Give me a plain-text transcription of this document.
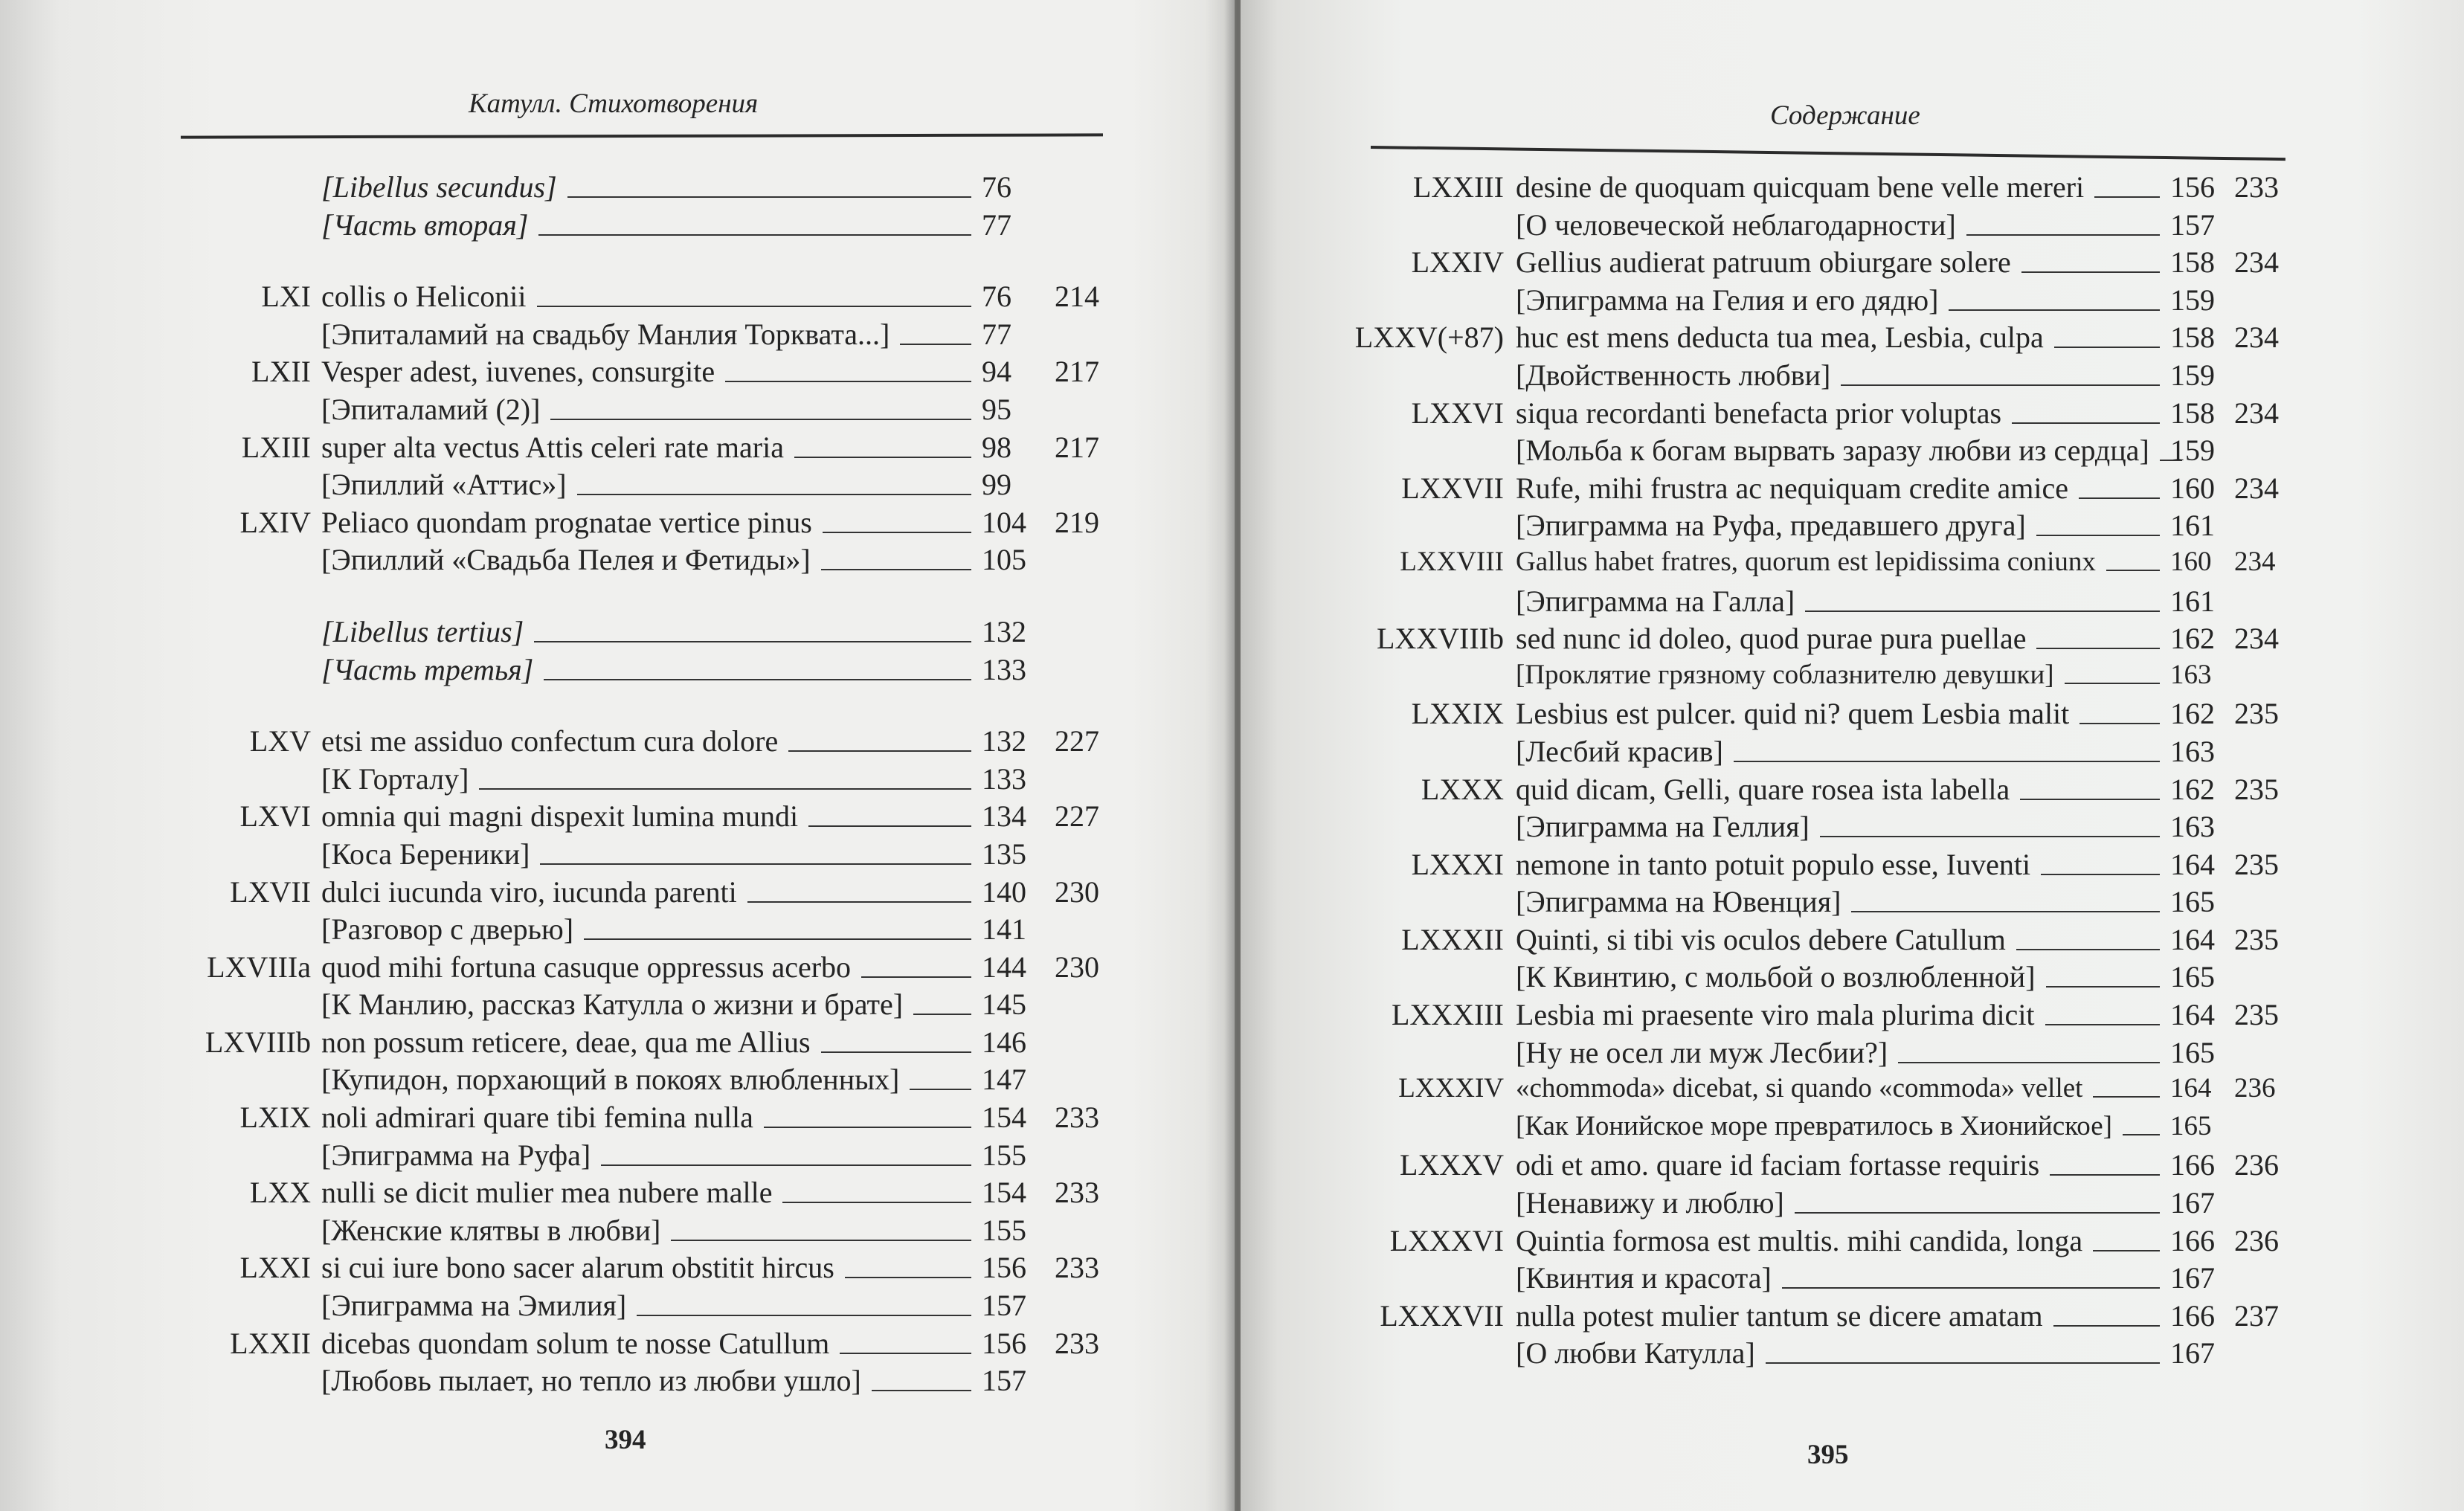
Катулл. Стихотворения
[Libellus secundus]	76
[Часть вторая]	77
LXI collis o Heliconii	76 214
[Эпиталамий на свадьбу Манлия Торквата...]	77
LXII Vesper adest, iuvenes, consurgite	94 217
[Эпиталамий (2)]	95
LXIII super alta vectus Attis celeri rate maria	98 217
[Эпиллий «Аттис»]	99
LXIV Peliaco quondam prognatae vertice pinus	104 219
[Эпиллий «Свадьба Пелея и Фетиды»]	105
[Libellus tertius]	132
[Часть третья]	133
LXV etsi me assiduo confectum cura dolore	132 227
[К Горталу]	133
LXVI omnia qui magni dispexit lumina mundi	134 227
[Коса Береники]	135
LXVII dulci iucunda viro, iucunda parenti	140 230
[Разговор с дверью]	141
LXVIIIa quod mihi fortuna casuque oppressus acerbo	144 230
[К Манлию, рассказ Катулла о жизни и брате]	145
LXVIIIb non possum reticere, deae, qua me Allius	146
[Купидон, порхающий в покоях влюбленных]	147
LXIX noli admirari quare tibi femina nulla	154 233
[Эпиграмма на Руфа]	155
LXX nulli se dicit mulier mea nubere malle	154 233
[Женские клятвы в любви]	155
LXXI si cui iure bono sacer alarum obstitit hircus	156 233
[Эпиграмма на Эмилия]	157
LXXII dicebas quondam solum te nosse Catullum	156 233
[Любовь пылает, но тепло из любви ушло]	157
394
Содержание
LXXIII desine de quoquam quicquam bene velle mereri	156 233
[О человеческой неблагодарности]	157
LXXIV Gellius audierat patruum obiurgare solere	158 234
[Эпиграмма на Гелия и его дядю]	159
LXXV(+87) huc est mens deducta tua mea, Lesbia, culpa	158 234
[Двойственность любви]	159
LXXVI siqua recordanti benefacta prior voluptas	158 234
[Мольба к богам вырвать заразу любви из сердца] 159
LXXVII Rufe, mihi frustra ac nequiquam credite amice	160 234
[Эпиграмма на Руфа, предавшего друга]	161
LXXVIII Gallus habet fratres, quorum est lepidissima coniunx	160 234
[Эпиграмма на Галла]	161
LXXVIIIb sed nunc id doleo, quod purae pura puellae	162 234
[Проклятие грязному соблазнителю девушки]	163
LXXIX Lesbius est pulcer. quid ni? quem Lesbia malit	162 235
[Лесбий красив]	163
LXXX quid dicam, Gelli, quare rosea ista labella	162 235
[Эпиграмма на Геллия]	163
LXXXI nemone in tanto potuit populo esse, Iuventi	164 235
[Эпиграмма на Ювенция]	165
LXXXII Quinti, si tibi vis oculos debere Catullum	164 235
[К Квинтию, с мольбой о возлюбленной]	165
LXXXIII Lesbia mi praesente viro mala plurima dicit	164 235
[Ну не осел ли муж Лесбии?]	165
LXXXIV «chommoda» dicebat, si quando «commoda» vellet	164 236
[Как Ионийское море превратилось в Хионийское] 165
LXXXV odi et amo. quare id faciam fortasse requiris	166 236
[Ненавижу и люблю]	167
LXXXVI Quintia formosa est multis. mihi candida, longa	166 236
[Квинтия и красота]	167
LXXXVII nulla potest mulier tantum se dicere amatam	166 237
[О любви Катулла]	167
395
